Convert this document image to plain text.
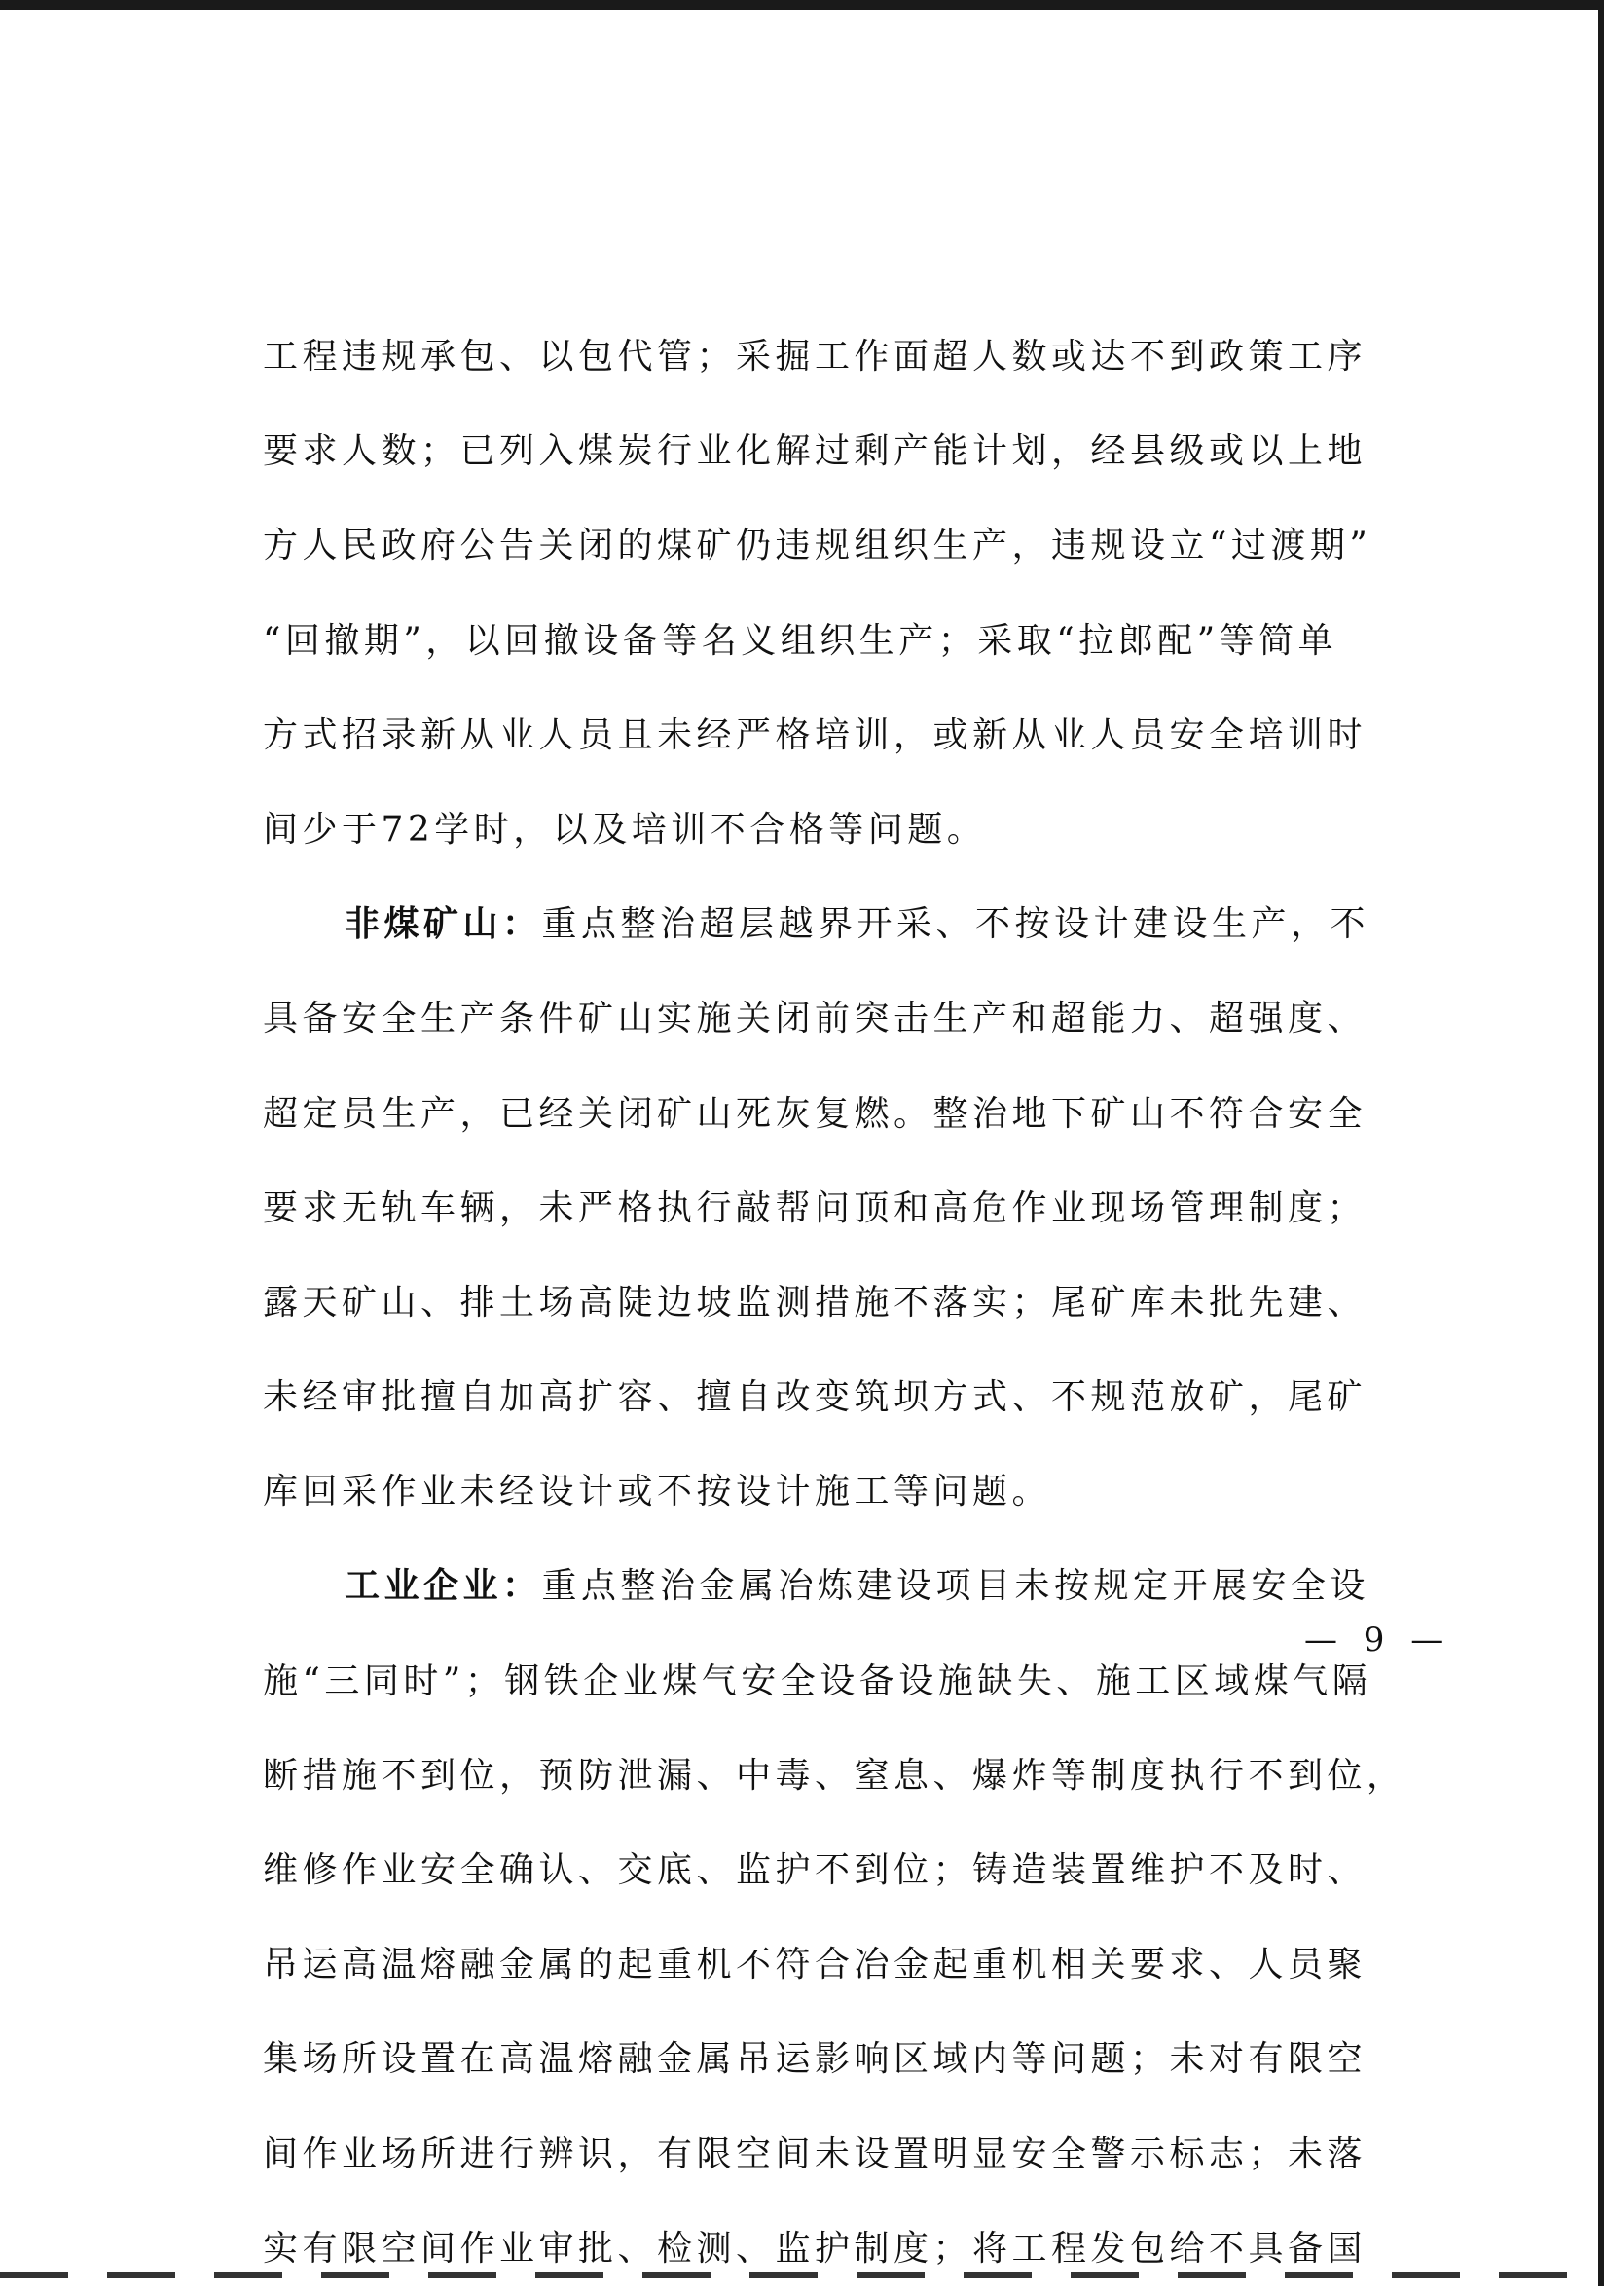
工程违规承包、以包代管；采掘工作面超人数或达不到政策工序
要求人数；已列入煤炭行业化解过剩产能计划，经县级或以上地
方人民政府公告关闭的煤矿仍违规组织生产，违规设立“过渡期”
“回撤期”，以回撤设备等名义组织生产；采取“拉郎配”等简单
方式招录新从业人员且未经严格培训，或新从业人员安全培训时
间少于72学时，以及培训不合格等问题。
非煤矿山：重点整治超层越界开采、不按设计建设生产，不
具备安全生产条件矿山实施关闭前突击生产和超能力、超强度、
超定员生产，已经关闭矿山死灰复燃。整治地下矿山不符合安全
要求无轨车辆，未严格执行敲帮问顶和高危作业现场管理制度；
露天矿山、排土场高陡边坡监测措施不落实；尾矿库未批先建、
未经审批擅自加高扩容、擅自改变筑坝方式、不规范放矿，尾矿
库回采作业未经设计或不按设计施工等问题。
工业企业：重点整治金属冶炼建设项目未按规定开展安全设
施“三同时”；钢铁企业煤气安全设备设施缺失、施工区域煤气隔
断措施不到位，预防泄漏、中毒、窒息、爆炸等制度执行不到位，
维修作业安全确认、交底、监护不到位；铸造装置维护不及时、
吊运高温熔融金属的起重机不符合冶金起重机相关要求、人员聚
集场所设置在高温熔融金属吊运影响区域内等问题；未对有限空
间作业场所进行辨识，有限空间未设置明显安全警示标志；未落
实有限空间作业审批、检测、监护制度；将工程发包给不具备国
— 9 —
